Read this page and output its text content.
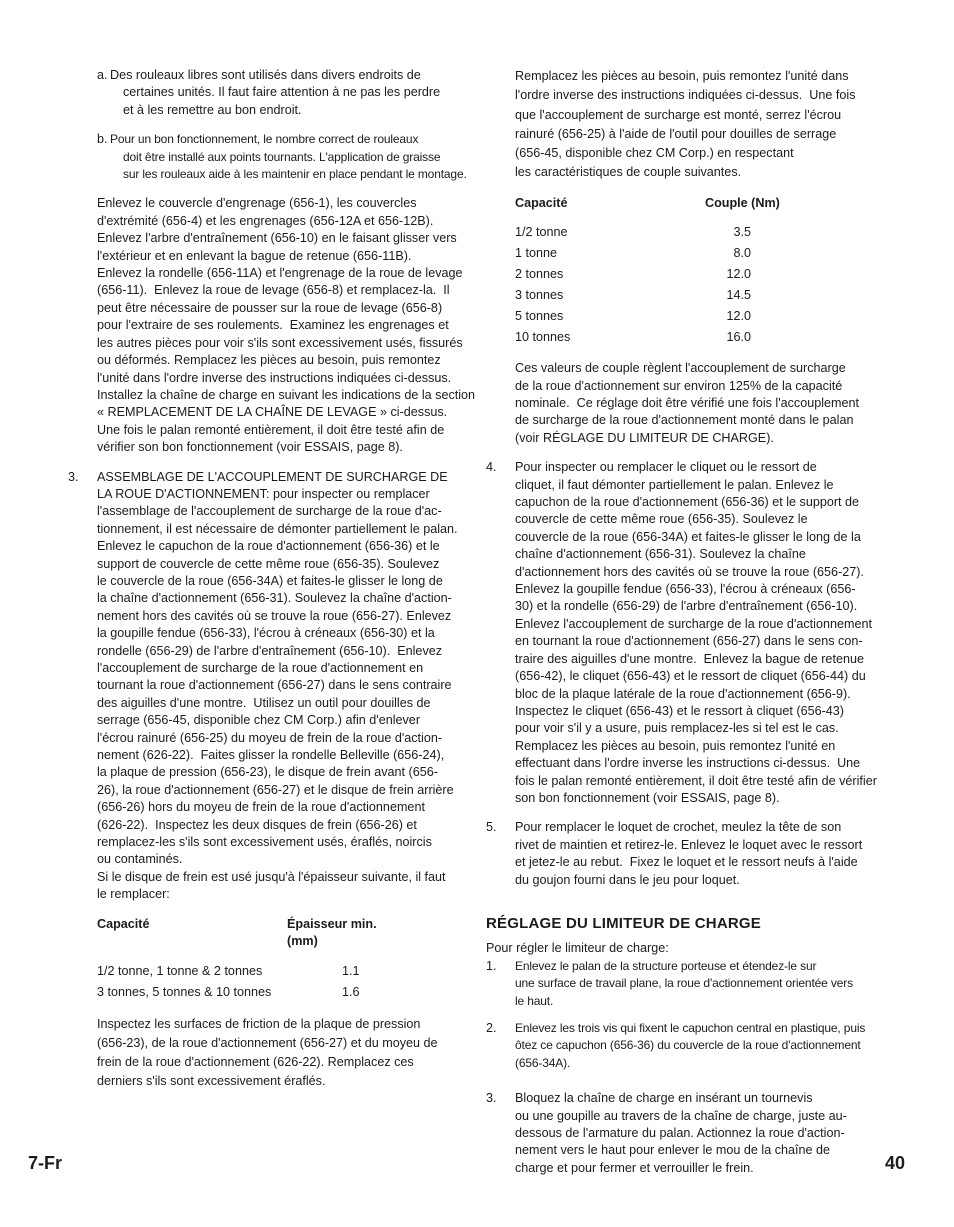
a. Des rouleaux libres sont utilisés dans divers endroits de
certaines unités. Il faut faire attention à ne pas les perdre
et à les remettre au bon endroit.
b. Pour un bon fonctionnement, le nombre correct de rouleaux
doit être installé aux points tournants. L'application de graisse
sur les rouleaux aide à les maintenir en place pendant le montage.
Enlevez le couvercle d'engrenage (656-1), les couvercles
d'extrémité (656-4) et les engrenages (656-12A et 656-12B).
Enlevez l'arbre d'entraînement (656-10) en le faisant glisser vers
l'extérieur et en enlevant la bague de retenue (656-11B).
Enlevez la rondelle (656-11A) et l'engrenage de la roue de levage
(656-11).  Enlevez la roue de levage (656-8) et remplacez-la.  Il
peut être nécessaire de pousser sur la roue de levage (656-8)
pour l'extraire de ses roulements.  Examinez les engrenages et
les autres pièces pour voir s'ils sont excessivement usés, fissurés
ou déformés. Remplacez les pièces au besoin, puis remontez
l'unité dans l'ordre inverse des instructions indiquées ci-dessus.
Installez la chaîne de charge en suivant les indications de la section
« REMPLACEMENT DE LA CHAÎNE DE LEVAGE » ci-dessus.
Une fois le palan remonté entièrement, il doit être testé afin de
vérifier son bon fonctionnement (voir ESSAIS, page 8).
3. ASSEMBLAGE DE L'ACCOUPLEMENT DE SURCHARGE DE
LA ROUE D'ACTIONNEMENT: pour inspecter ou remplacer
l'assemblage de l'accouplement de surcharge de la roue d'ac-
tionnement, il est nécessaire de démonter partiellement le palan.
Enlevez le capuchon de la roue d'actionnement (656-36) et le
support de couvercle de cette même roue (656-35). Soulevez
le couvercle de la roue (656-34A) et faites-le glisser le long de
la chaîne d'actionnement (656-31). Soulevez la chaîne d'action-
nement hors des cavités où se trouve la roue (656-27). Enlevez
la goupille fendue (656-33), l'écrou à créneaux (656-30) et la
rondelle (656-29) de l'arbre d'entraînement (656-10).  Enlevez
l'accouplement de surcharge de la roue d'actionnement en
tournant la roue d'actionnement (656-27) dans le sens contraire
des aiguilles d'une montre.  Utilisez un outil pour douilles de
serrage (656-45, disponible chez CM Corp.) afin d'enlever
l'écrou rainuré (656-25) du moyeu de frein de la roue d'action-
nement (626-22).  Faites glisser la rondelle Belleville (656-24),
la plaque de pression (656-23), le disque de frein avant (656-
26), la roue d'actionnement (656-27) et le disque de frein arrière
(656-26) hors du moyeu de frein de la roue d'actionnement
(626-22).  Inspectez les deux disques de frein (656-26) et
remplacez-les s'ils sont excessivement usés, éraflés, noircis
ou contaminés.
Si le disque de frein est usé jusqu'à l'épaisseur suivante, il faut
le remplacer:
Capacité	Épaisseur min. (mm)
1/2 tonne, 1 tonne & 2 tonnes	1.1
3 tonnes, 5 tonnes & 10 tonnes	1.6
Inspectez les surfaces de friction de la plaque de pression
(656-23), de la roue d'actionnement (656-27) et du moyeu de
frein de la roue d'actionnement (626-22). Remplacez ces
derniers s'ils sont excessivement éraflés.
Remplacez les pièces au besoin, puis remontez l'unité dans
l'ordre inverse des instructions indiquées ci-dessus.  Une fois
que l'accouplement de surcharge est monté, serrez l'écrou
rainuré (656-25) à l'aide de l'outil pour douilles de serrage
(656-45, disponible chez CM Corp.) en respectant
les caractéristiques de couple suivantes.
Capacité	Couple (Nm)
1/2 tonne	3.5
1 tonne	8.0
2 tonnes	12.0
3 tonnes	14.5
5 tonnes	12.0
10 tonnes	16.0
Ces valeurs de couple règlent l'accouplement de surcharge
de la roue d'actionnement sur environ 125% de la capacité
nominale.  Ce réglage doit être vérifié une fois l'accouplement
de surcharge de la roue d'actionnement monté dans le palan
(voir RÉGLAGE DU LIMITEUR DE CHARGE).
4. Pour inspecter ou remplacer le cliquet ou le ressort de
cliquet, il faut démonter partiellement le palan. Enlevez le
capuchon de la roue d'actionnement (656-36) et le support de
couvercle de cette même roue (656-35). Soulevez le
couvercle de la roue (656-34A) et faites-le glisser le long de la
chaîne d'actionnement (656-31). Soulevez la chaîne
d'actionnement hors des cavités où se trouve la roue (656-27).
Enlevez la goupille fendue (656-33), l'écrou à créneaux (656-
30) et la rondelle (656-29) de l'arbre d'entraînement (656-10).
Enlevez l'accouplement de surcharge de la roue d'actionnement
en tournant la roue d'actionnement (656-27) dans le sens con-
traire des aiguilles d'une montre.  Enlevez la bague de retenue
(656-42), le cliquet (656-43) et le ressort de cliquet (656-44) du
bloc de la plaque latérale de la roue d'actionnement (656-9).
Inspectez le cliquet (656-43) et le ressort à cliquet (656-43)
pour voir s'il y a usure, puis remplacez-les si tel est le cas.
Remplacez les pièces au besoin, puis remontez l'unité en
effectuant dans l'ordre inverse les instructions ci-dessus.  Une
fois le palan remonté entièrement, il doit être testé afin de vérifier
son bon fonctionnement (voir ESSAIS, page 8).
5. Pour remplacer le loquet de crochet, meulez la tête de son
rivet de maintien et retirez-le. Enlevez le loquet avec le ressort
et jetez-le au rebut.  Fixez le loquet et le ressort neufs à l'aide
du goujon fourni dans le jeu pour loquet.
RÉGLAGE DU LIMITEUR DE CHARGE
Pour régler le limiteur de charge:
1. Enlevez le palan de la structure porteuse et étendez-le sur
une surface de travail plane, la roue d'actionnement orientée vers
le haut.
2. Enlevez les trois vis qui fixent le capuchon central en plastique, puis
ôtez ce capuchon (656-36) du couvercle de la roue d'actionnement
(656-34A).
3. Bloquez la chaîne de charge en insérant un tournevis
ou une goupille au travers de la chaîne de charge, juste au-
dessous de l'armature du palan. Actionnez la roue d'action-
nement vers le haut pour enlever le mou de la chaîne de
charge et pour fermer et verrouiller le frein.
7-Fr	40
